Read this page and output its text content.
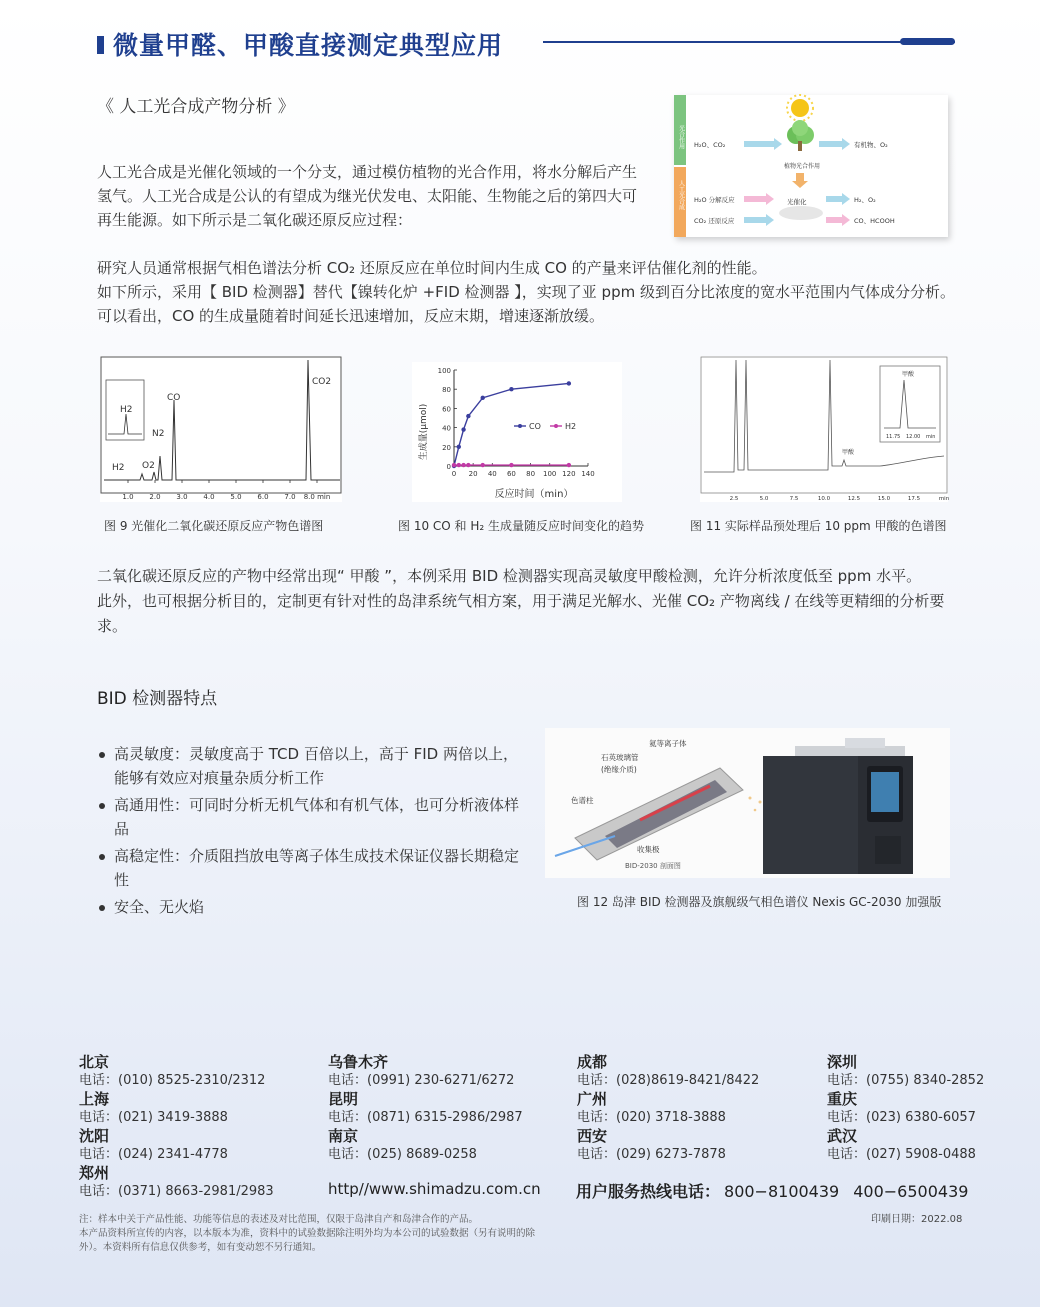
微量甲醛、甲酸直接测定典型应用
《 人工光合成产物分析 》
人工光合成是光催化领域的一个分支，通过模仿植物的光合作用，将水分解后产生氢气。人工光合成是公认的有望成为继光伏发电、太阳能、生物能之后的第四大可再生能源。如下所示是二氧化碳还原反应过程：
光合作用
人工光合成
H₂O、CO₂	有机物、O₂
植物光合作用
H₂O 分解反应	光催化	H₂、O₂
CO₂ 还原反应	CO、HCOOH
研究人员通常根据气相色谱法分析 CO₂ 还原反应在单位时间内生成 CO 的产量来评估催化剂的性能。
如下所示，采用【 BID 检测器】替代【镍转化炉 +FID 检测器 】，实现了亚 ppm 级到百分比浓度的宽水平范围内气体成分分析。可以看出，CO 的生成量随着时间延长迅速增加，反应末期，增速逐渐放缓。
H2
H2 O2
N2
CO
CO2
1.0 2.0 3.0 4.0 5.0 6.0 7.0 8.0 min
图 9 光催化二氧化碳还原反应产物色谱图
生成量(μmol)
反应时间（min）
0
20
40
60
80
100
0 20 40 60 80 100 120 140
CO	H2
图 10 CO 和 H₂ 生成量随反应时间变化的趋势
甲酸
甲酸
11.75 12.00 min
2.5	5.0	7.5	10.0	12.5	15.0	17.5	min
图 11 实际样品预处理后 10 ppm 甲酸的色谱图
二氧化碳还原反应的产物中经常出现“ 甲酸 ”，本例采用 BID 检测器实现高灵敏度甲酸检测，允许分析浓度低至 ppm 水平。
此外，也可根据分析目的，定制更有针对性的岛津系统气相方案，用于满足光解水、光催 CO₂ 产物离线 / 在线等更精细的分析要求。
BID 检测器特点
高灵敏度：灵敏度高于 TCD 百倍以上，高于 FID 两倍以上，能够有效应对痕量杂质分析工作
高通用性：可同时分析无机气体和有机气体，也可分析液体样品
高稳定性：介质阻挡放电等离子体生成技术保证仪器长期稳定性
安全、无火焰
石英玻璃管
(绝缘介质)
氦等离子体
色谱柱
收集极
BID-2030 剖面图
图 12 岛津 BID 检测器及旗舰级气相色谱仪 Nexis GC-2030 加强版
北京
电话：(010) 8525-2310/2312
上海
电话：(021) 3419-3888
沈阳
电话：(024) 2341-4778
郑州
电话：(0371) 8663-2981/2983
乌鲁木齐
电话：(0991) 230-6271/6272
昆明
电话：(0871) 6315-2986/2987
南京
电话：(025) 8689-0258
成都
电话：(028)8619-8421/8422
广州
电话：(020) 3718-3888
西安
电话：(029) 6273-7878
深圳
电话：(0755) 8340-2852
重庆
电话：(023) 6380-6057
武汉
电话：(027) 5908-0488
http//www.shimadzu.com.cn 用户服务热线电话： 800−8100439 400−6500439
注：样本中关于产品性能、功能等信息的表述及对比范围，仅限于岛津自产和岛津合作的产品。
本产品资料所宣传的内容，以本版本为准，资料中的试验数据除注明外均为本公司的试验数据（另有说明的除外）。本资料所有信息仅供参考，如有变动恕不另行通知。
印刷日期：2022.08
